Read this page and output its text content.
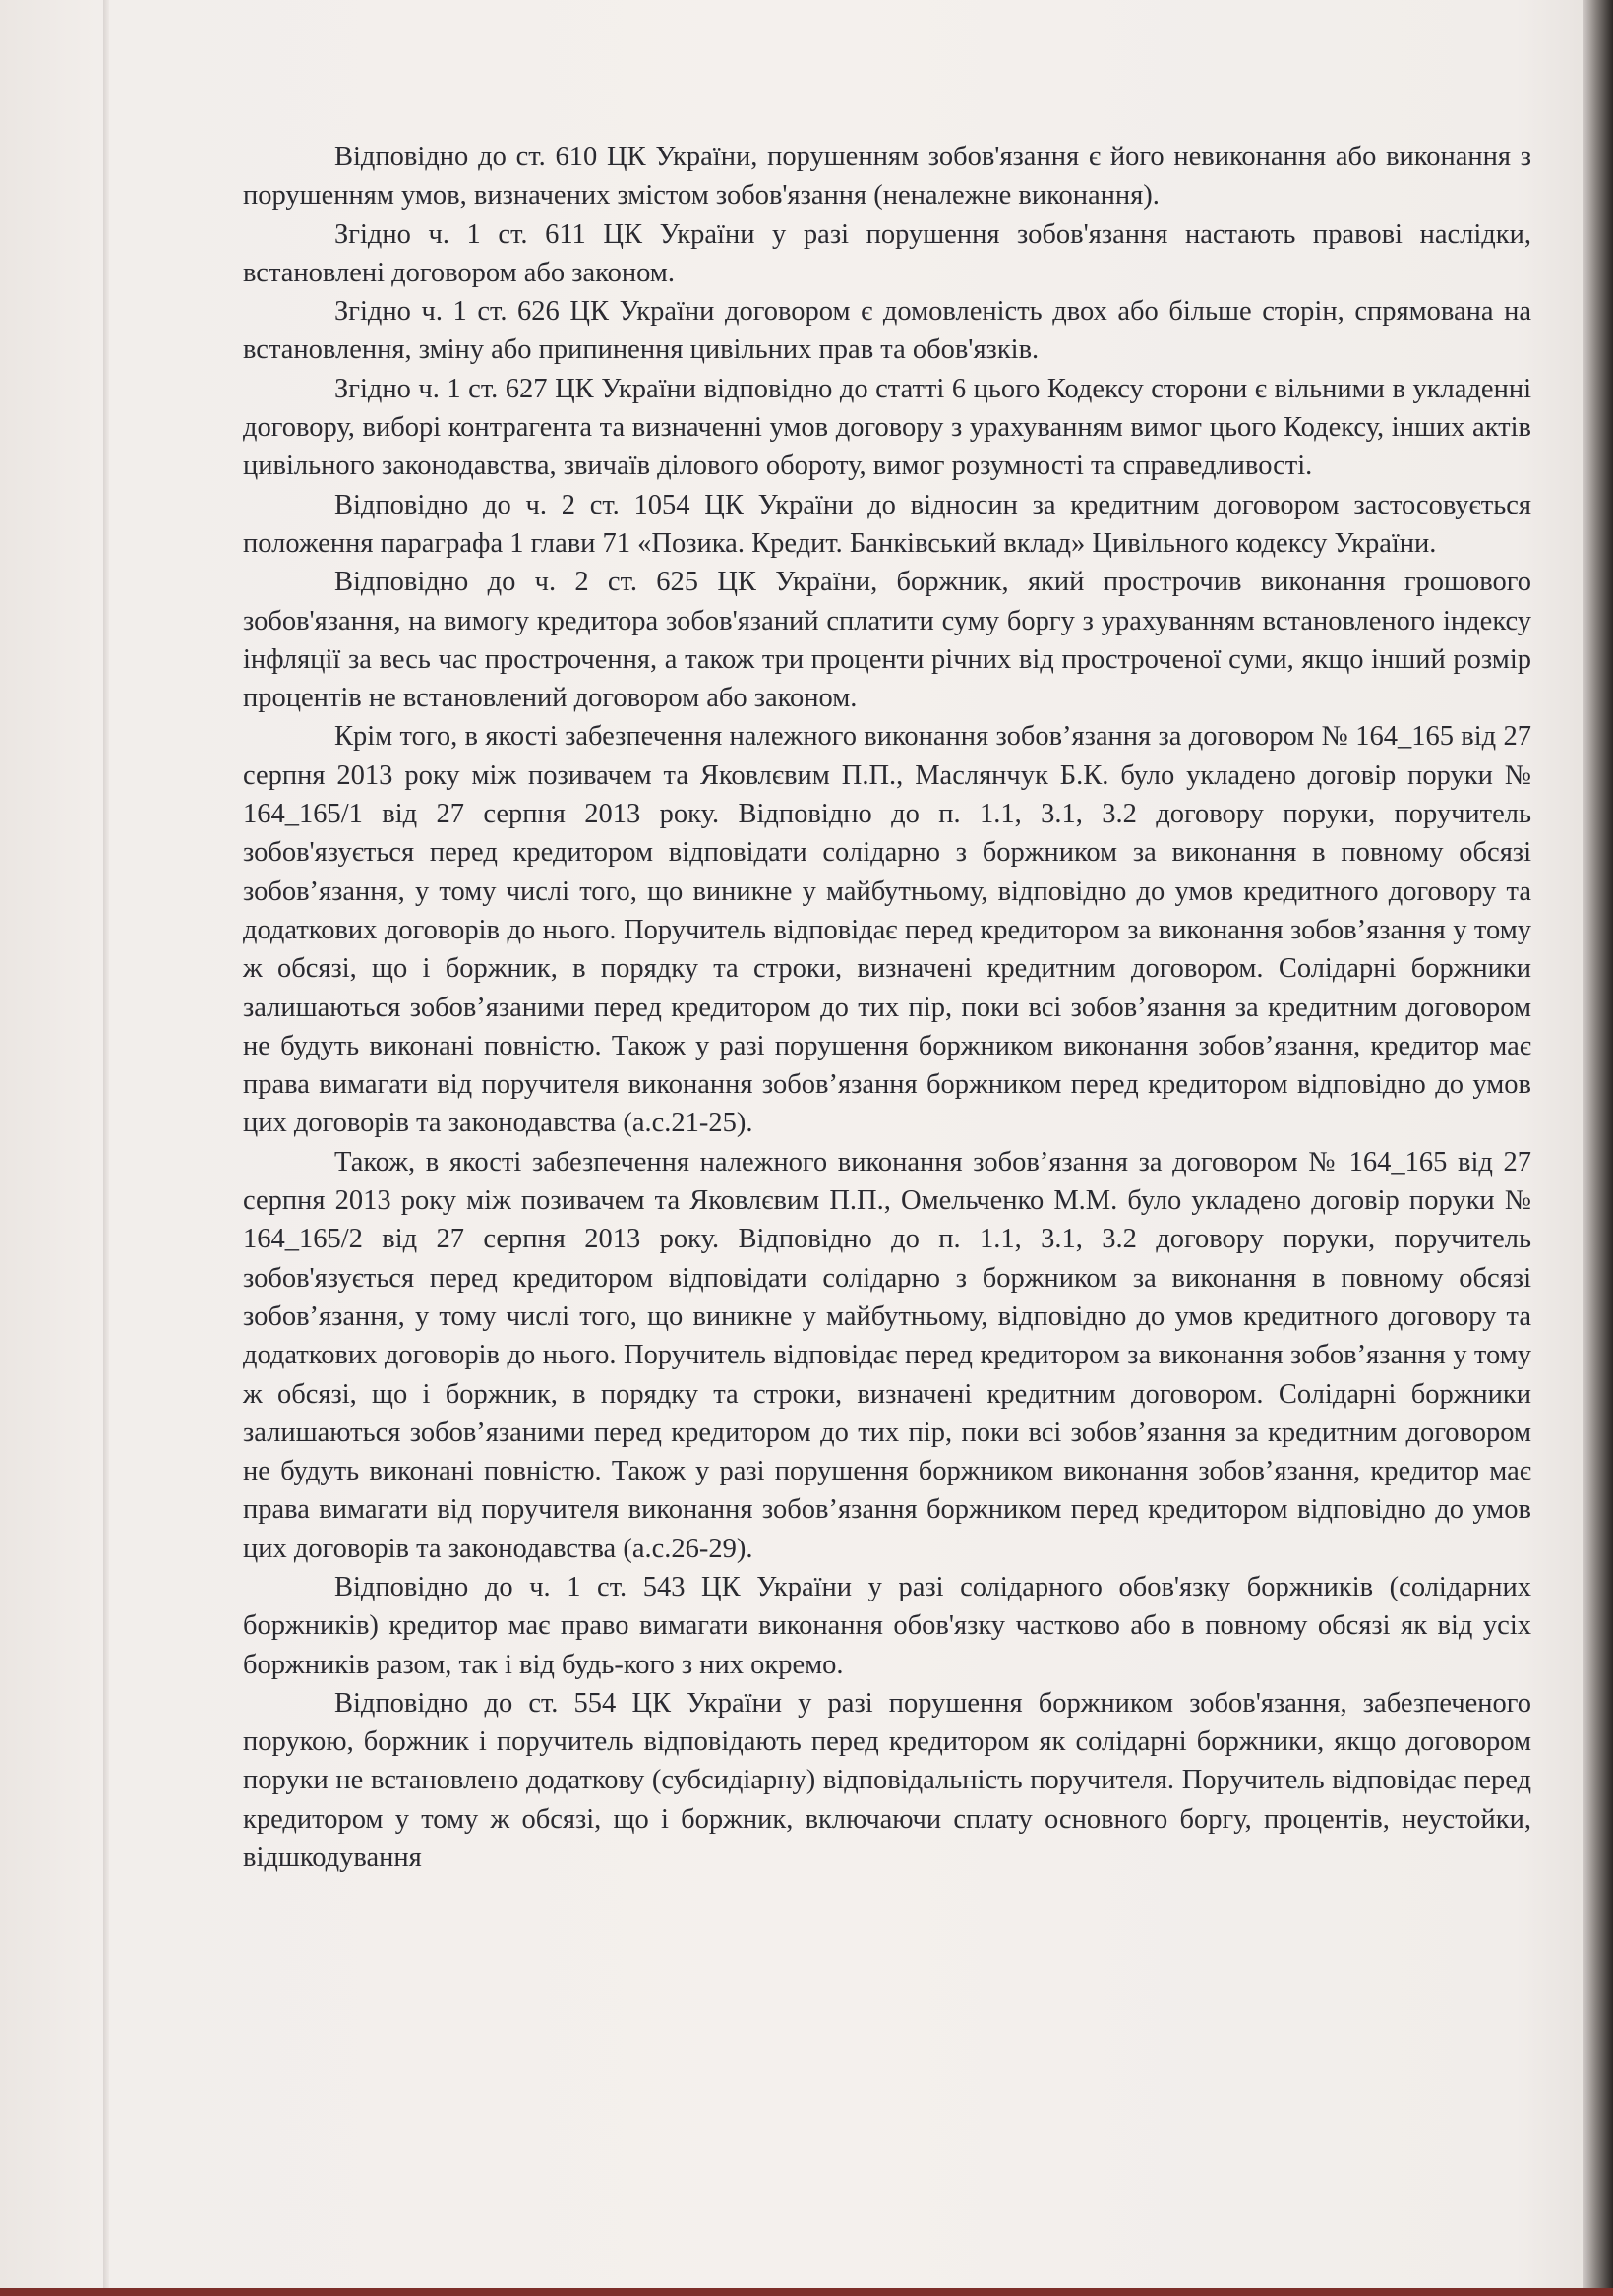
Відповідно до ст. 610 ЦК України, порушенням зобов'язання є його невиконання або виконання з порушенням умов, визначених змістом зобов'язання (неналежне виконання).

Згідно ч. 1 ст. 611 ЦК України у разі порушення зобов'язання настають правові наслідки, встановлені договором або законом.

Згідно ч. 1 ст. 626 ЦК України договором є домовленість двох або більше сторін, спрямована на встановлення, зміну або припинення цивільних прав та обов'язків.

Згідно ч. 1 ст. 627 ЦК України відповідно до статті 6 цього Кодексу сторони є вільними в укладенні договору, виборі контрагента та визначенні умов договору з урахуванням вимог цього Кодексу, інших актів цивільного законодавства, звичаїв ділового обороту, вимог розумності та справедливості.

Відповідно до ч. 2 ст. 1054 ЦК України до відносин за кредитним договором застосовується положення параграфа 1 глави 71 «Позика. Кредит. Банківський вклад» Цивільного кодексу України.

Відповідно до ч. 2 ст. 625 ЦК України, боржник, який прострочив виконання грошового зобов'язання, на вимогу кредитора зобов'язаний сплатити суму боргу з урахуванням встановленого індексу інфляції за весь час прострочення, а також три проценти річних від простроченої суми, якщо інший розмір процентів не встановлений договором або законом.

Крім того, в якості забезпечення належного виконання зобов’язання за договором № 164_165 від 27 серпня 2013 року між позивачем та Яковлєвим П.П., Маслянчук Б.К. було укладено договір поруки № 164_165/1 від 27 серпня 2013 року. Відповідно до п. 1.1, 3.1, 3.2 договору поруки, поручитель зобов'язується перед кредитором відповідати солідарно з боржником за виконання в повному обсязі зобов’язання, у тому числі того, що виникне у майбутньому, відповідно до умов кредитного договору та додаткових договорів до нього. Поручитель відповідає перед кредитором за виконання зобов’язання у тому ж обсязі, що і боржник, в порядку та строки, визначені кредитним договором. Солідарні боржники залишаються зобов’язаними перед кредитором до тих пір, поки всі зобов’язання за кредитним договором не будуть виконані повністю. Також у разі порушення боржником виконання зобов’язання, кредитор має права вимагати від поручителя виконання зобов’язання боржником перед кредитором відповідно до умов цих договорів та законодавства (а.с.21-25).

Також, в якості забезпечення належного виконання зобов’язання за договором № 164_165 від 27 серпня 2013 року між позивачем та Яковлєвим П.П., Омельченко М.М. було укладено договір поруки № 164_165/2 від 27 серпня 2013 року. Відповідно до п. 1.1, 3.1, 3.2 договору поруки, поручитель зобов'язується перед кредитором відповідати солідарно з боржником за виконання в повному обсязі зобов’язання, у тому числі того, що виникне у майбутньому, відповідно до умов кредитного договору та додаткових договорів до нього. Поручитель відповідає перед кредитором за виконання зобов’язання у тому ж обсязі, що і боржник, в порядку та строки, визначені кредитним договором. Солідарні боржники залишаються зобов’язаними перед кредитором до тих пір, поки всі зобов’язання за кредитним договором не будуть виконані повністю. Також у разі порушення боржником виконання зобов’язання, кредитор має права вимагати від поручителя виконання зобов’язання боржником перед кредитором відповідно до умов цих договорів та законодавства (а.с.26-29).

Відповідно до ч. 1 ст. 543 ЦК України у разі солідарного обов'язку боржників (солідарних боржників) кредитор має право вимагати виконання обов'язку частково або в повному обсязі як від усіх боржників разом, так і від будь-кого з них окремо.

Відповідно до ст. 554 ЦК України у разі порушення боржником зобов'язання, забезпеченого порукою, боржник і поручитель відповідають перед кредитором як солідарні боржники, якщо договором поруки не встановлено додаткову (субсидіарну) відповідальність поручителя. Поручитель відповідає перед кредитором у тому ж обсязі, що і боржник, включаючи сплату основного боргу, процентів, неустойки, відшкодування
